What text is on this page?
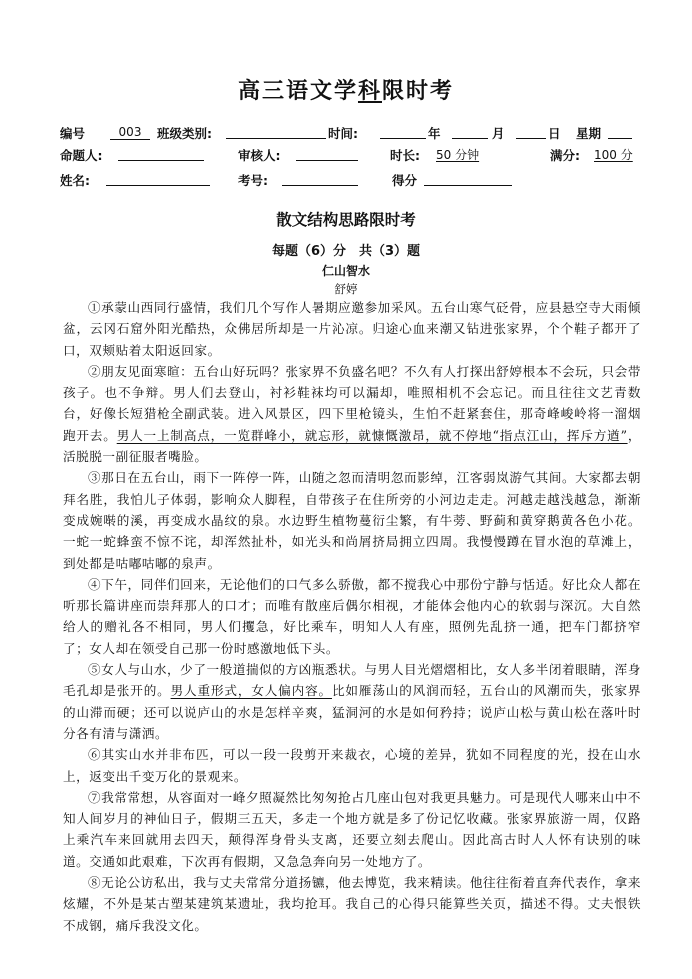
高三语文学科限时考
编号	003	班级类别:	时间:	年	月	日 星期
命题人:	审核人:	时长: 50 分钟	满分: 100 分
姓名:	考号:	得分
散文结构思路限时考
每题（6）分　共（3）题
仁山智水
舒婷

①承蒙山西同行盛情，我们几个写作人暑期应邀参加采风。五台山寒气砭骨，应县悬空寺大雨倾盆，云冈石窟外阳光酷热，众佛居所却是一片沁凉。归途心血来潮又钻进张家界，个个鞋子都开了口，双颊贴着太阳返回家。

②朋友见面寒暄：五台山好玩吗？张家界不负盛名吧？不久有人打探出舒婷根本不会玩，只会带孩子。也不争辩。男人们去登山，衬衫鞋袜均可以漏却，唯照相机不会忘记。而且往往文艺青数台，好像长短猎枪全副武装。进入风景区，四下里枪镜头，生怕不赶紧套住，那奇峰峻岭将一溜烟跑开去。男人一上制高点，一览群峰小，就忘形，就慷慨激昂，就不停地“指点江山，挥斥方遒”，活脱脱一副征服者嘴脸。

③那日在五台山，雨下一阵停一阵，山随之忽而清明忽而影绰，江客弱岚游气其间。大家都去朝拜名胜，我怕儿子体弱，影响众人脚程，自带孩子在住所旁的小河边走走。河越走越浅越急，渐渐变成婉啭的溪，再变成水晶纹的泉。水边野生植物蔓衍尘繁，有牛蒡、野蓟和黄穿鹅黄各色小花。一蛇一蛇蜂蛮不惊不诧，却浑然扯朴，如光头和尚屑挤局拥立四周。我慢慢蹲在冒水泡的草滩上，到处都是咕嘟咕嘟的泉声。

④下午，同伴们回来，无论他们的口气多么骄傲，都不搅我心中那份宁静与恬适。好比众人都在听那长篇讲座而崇拜那人的口才；而唯有散座后偶尔相视，才能体会他内心的软弱与深沉。大自然给人的赠礼各不相同，男人们攫急，好比乘车，明知人人有座，照例先乱挤一通，把车门都挤窄了；女人却在领受自己那一份时感激地低下头。

⑤女人与山水，少了一般道揣似的方凶瓶悉状。与男人目光熠熠相比，女人多半闭着眼睛，浑身毛孔却是张开的。男人重形式，女人偏内容。比如雁荡山的风润而轻，五台山的风潮而失，张家界的山滞而硬；还可以说庐山的水是怎样辛爽，猛洞河的水是如何矜持；说庐山松与黄山松在落叶时分各有清与潇洒。

⑥其实山水并非布匹，可以一段一段剪开来裁衣，心境的差异，犹如不同程度的光，投在山水上，返变出千变万化的景观来。

⑦我常常想，从容面对一峰夕照凝然比匆匆抢占几座山包对我更具魅力。可是现代人哪来山中不知人间岁月的神仙日子，假期三五天，多走一个地方就是多了份记忆收藏。张家界旅游一周，仅路上乘汽车来回就用去四天，颠得浑身骨头支离，还要立刻去爬山。因此高古时人人怀有诀别的味道。交通如此艰难，下次再有假期，又急急奔向另一处地方了。

⑧无论公访私出，我与丈夫常常分道扬镳，他去博览，我来精读。他往往衔着直奔代表作，拿来炫耀，不外是某古塑某建筑某遗址，我均抢耳。我自己的心得只能算些关页，描述不得。丈夫恨铁不成钢，痛斥我没文化。
